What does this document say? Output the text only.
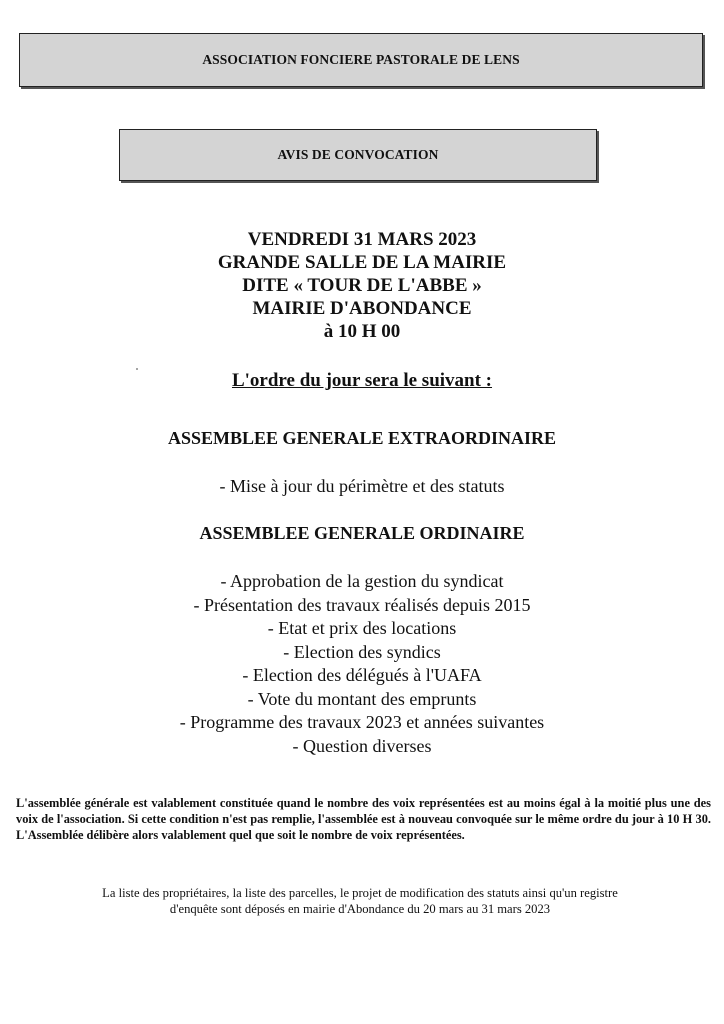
ASSOCIATION FONCIERE PASTORALE DE LENS
AVIS DE CONVOCATION
VENDREDI 31 MARS 2023
GRANDE SALLE DE LA MAIRIE
DITE « TOUR DE L'ABBE »
MAIRIE D'ABONDANCE
à 10 H 00
L'ordre du jour sera le suivant :
ASSEMBLEE GENERALE EXTRAORDINAIRE
- Mise à jour du périmètre et des statuts
ASSEMBLEE GENERALE ORDINAIRE
- Approbation de la gestion du syndicat
- Présentation des travaux réalisés depuis 2015
- Etat et prix des locations
- Election des syndics
- Election des délégués à l'UAFA
- Vote du montant des emprunts
- Programme des travaux 2023 et années suivantes
- Question diverses

L'assemblée générale est valablement constituée quand le nombre des voix représentées est au moins égal à la moitié plus une des voix de l'association. Si cette condition n'est pas remplie, l'assemblée est à nouveau convoquée sur le même ordre du jour à 10 H 30. L'Assemblée délibère alors valablement quel que soit le nombre de voix représentées.

La liste des propriétaires, la liste des parcelles, le projet de modification des statuts ainsi qu'un registre
d'enquête sont déposés en mairie d'Abondance du 20 mars au 31 mars 2023
